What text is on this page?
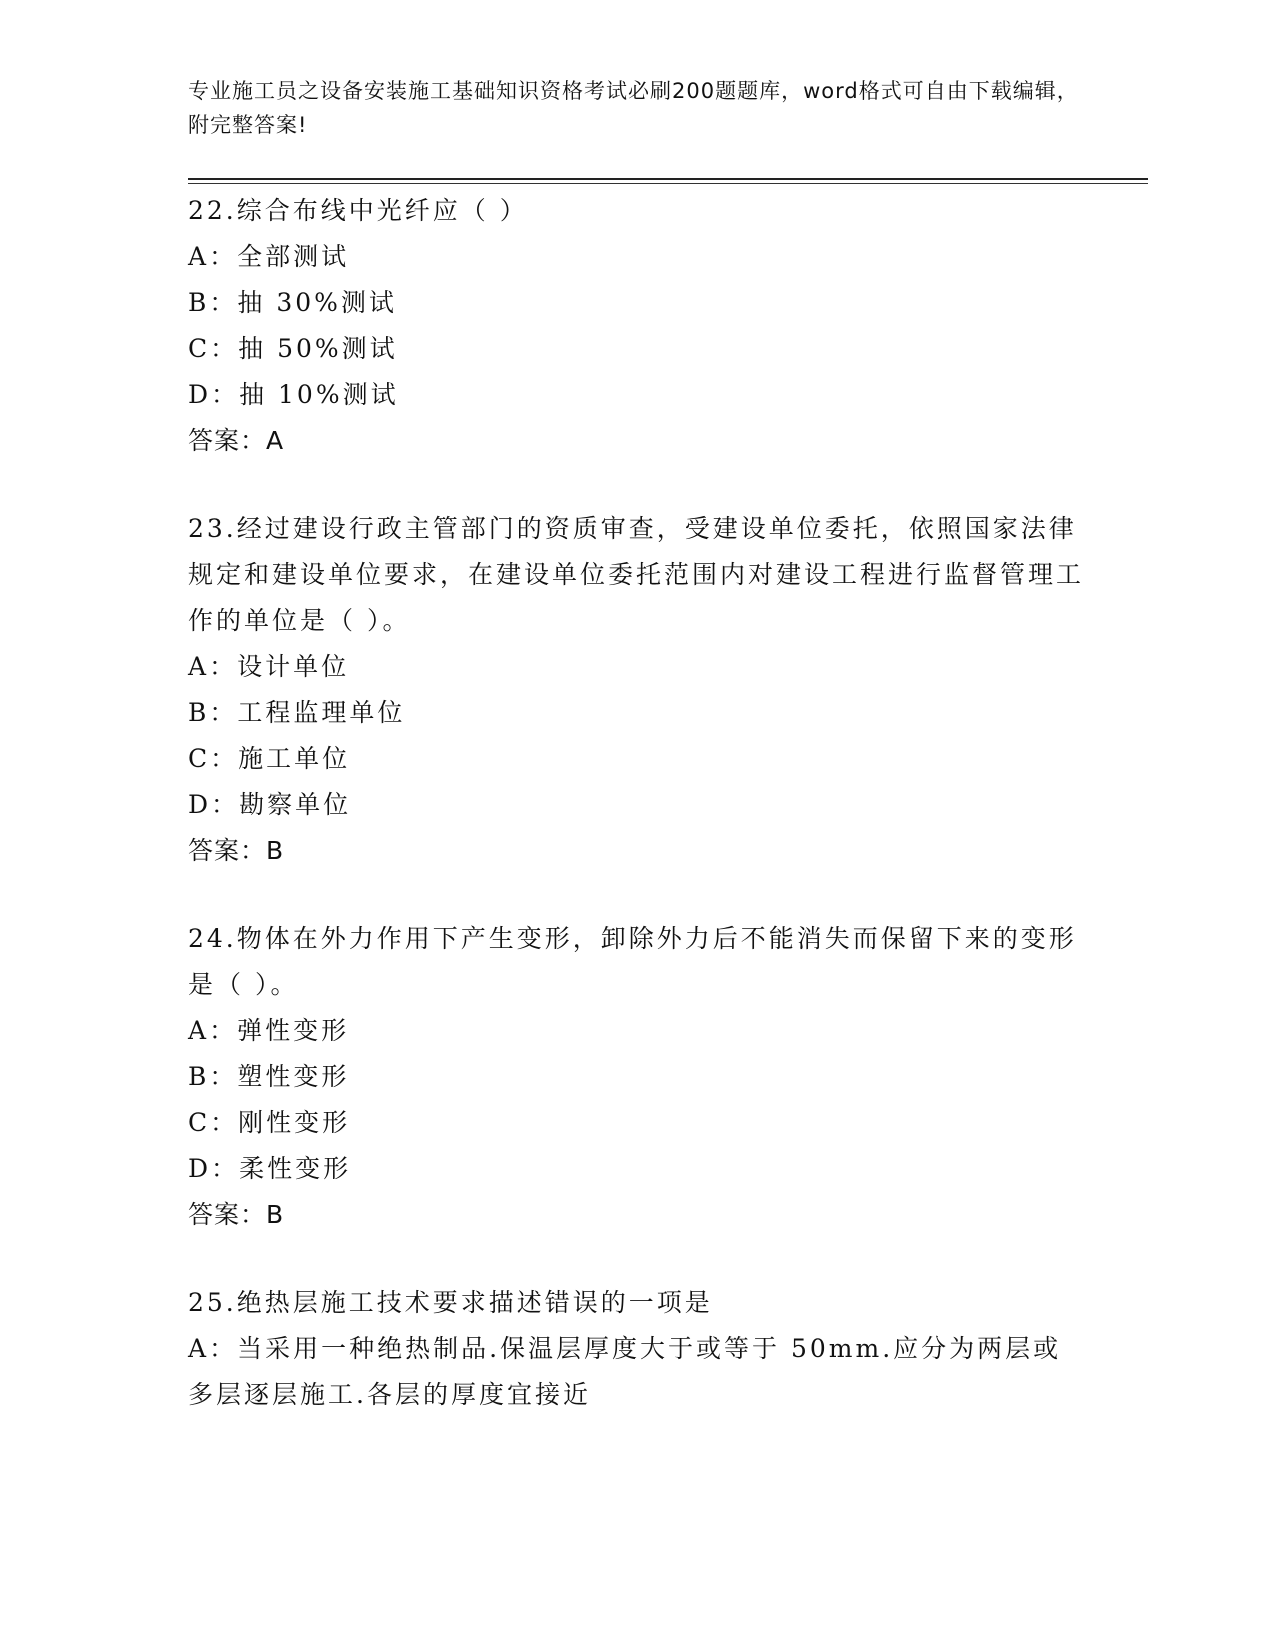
专业施工员之设备安装施工基础知识资格考试必刷200题题库，word格式可自由下载编辑，附完整答案!
22.综合布线中光纤应（ ）
A：全部测试
B：抽 30%测试
C：抽 50%测试
D：抽 10%测试
答案：A
23.经过建设行政主管部门的资质审查，受建设单位委托，依照国家法律规定和建设单位要求，在建设单位委托范围内对建设工程进行监督管理工作的单位是（ ）。
A：设计单位
B：工程监理单位
C：施工单位
D：勘察单位
答案：B
24.物体在外力作用下产生变形，卸除外力后不能消失而保留下来的变形是（ ）。
A：弹性变形
B：塑性变形
C：刚性变形
D：柔性变形
答案：B
25.绝热层施工技术要求描述错误的一项是
A：当采用一种绝热制品.保温层厚度大于或等于 50mm.应分为两层或多层逐层施工.各层的厚度宜接近
